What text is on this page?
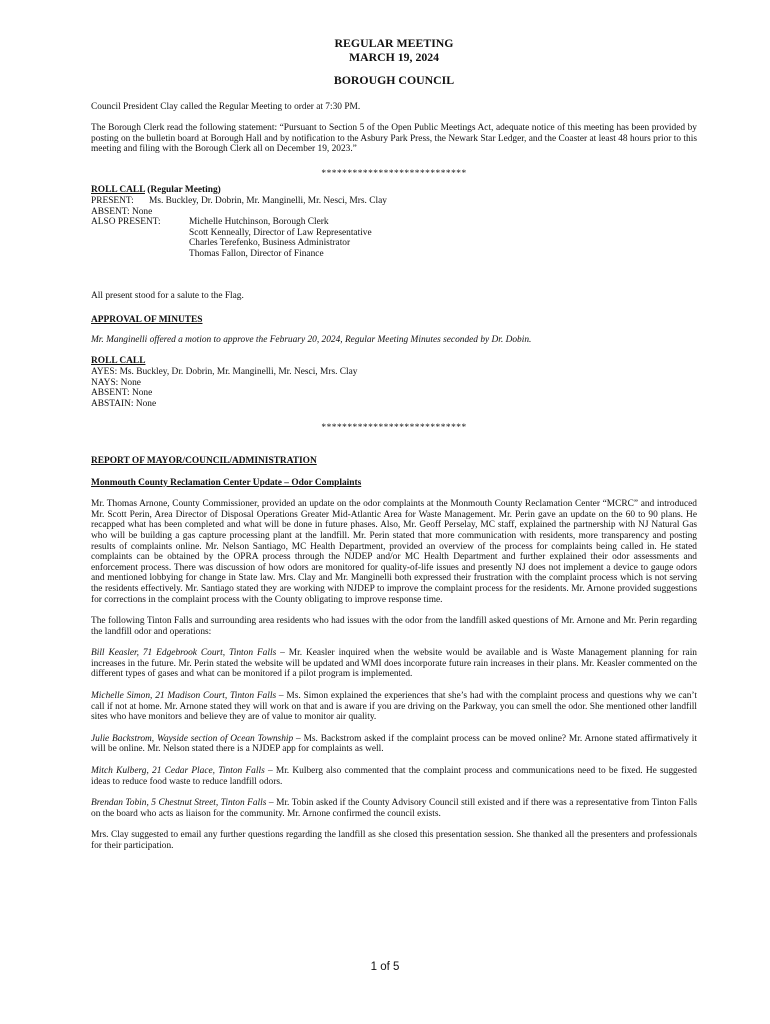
REGULAR MEETING
MARCH 19, 2024
BOROUGH COUNCIL

Council President Clay called the Regular Meeting to order at 7:30 PM.

The Borough Clerk read the following statement: “Pursuant to Section 5 of the Open Public Meetings Act, adequate notice of this meeting has been provided by posting on the bulletin board at Borough Hall and by notification to the Asbury Park Press, the Newark Star Ledger, and the Coaster at least 48 hours prior to this meeting and filing with the Borough Clerk all on December 19, 2023.”

****************************
ROLL CALL (Regular Meeting)
PRESENT:	Ms. Buckley, Dr. Dobrin, Mr. Manginelli, Mr. Nesci, Mrs. Clay
ABSENT: None
ALSO PRESENT:	Michelle Hutchinson, Borough Clerk
Scott Kenneally, Director of Law Representative
Charles Terefenko, Business Administrator
Thomas Fallon, Director of Finance

All present stood for a salute to the Flag.

APPROVAL OF MINUTES

Mr. Manginelli offered a motion to approve the February 20, 2024, Regular Meeting Minutes seconded by Dr. Dobin.

ROLL CALL
AYES: Ms. Buckley, Dr. Dobrin, Mr. Manginelli, Mr. Nesci, Mrs. Clay
NAYS: None
ABSENT: None
ABSTAIN: None
****************************
REPORT OF MAYOR/COUNCIL/ADMINISTRATION
Monmouth County Reclamation Center Update – Odor Complaints

Mr. Thomas Arnone, County Commissioner, provided an update on the odor complaints at the Monmouth County Reclamation Center “MCRC” and introduced Mr. Scott Perin, Area Director of Disposal Operations Greater Mid-Atlantic Area for Waste Management. Mr. Perin gave an update on the 60 to 90 plans. He recapped what has been completed and what will be done in future phases. Also, Mr. Geoff Perselay, MC staff, explained the partnership with NJ Natural Gas who will be building a gas capture processing plant at the landfill. Mr. Perin stated that more communication with residents, more transparency and posting results of complaints online. Mr. Nelson Santiago, MC Health Department, provided an overview of the process for complaints being called in. He stated complaints can be obtained by the OPRA process through the NJDEP and/or MC Health Department and further explained their odor assessments and enforcement process. There was discussion of how odors are monitored for quality-of-life issues and presently NJ does not implement a device to gauge odors and mentioned lobbying for change in State law. Mrs. Clay and Mr. Manginelli both expressed their frustration with the complaint process which is not serving the residents effectively. Mr. Santiago stated they are working with NJDEP to improve the complaint process for the residents. Mr. Arnone provided suggestions for corrections in the complaint process with the County obligating to improve response time.

The following Tinton Falls and surrounding area residents who had issues with the odor from the landfill asked questions of Mr. Arnone and Mr. Perin regarding the landfill odor and operations:

Bill Keasler, 71 Edgebrook Court, Tinton Falls – Mr. Keasler inquired when the website would be available and is Waste Management planning for rain increases in the future. Mr. Perin stated the website will be updated and WMI does incorporate future rain increases in their plans. Mr. Keasler commented on the different types of gases and what can be monitored if a pilot program is implemented.

Michelle Simon, 21 Madison Court, Tinton Falls – Ms. Simon explained the experiences that she’s had with the complaint process and questions why we can’t call if not at home. Mr. Arnone stated they will work on that and is aware if you are driving on the Parkway, you can smell the odor. She mentioned other landfill sites who have monitors and believe they are of value to monitor air quality.

Julie Backstrom, Wayside section of Ocean Township – Ms. Backstrom asked if the complaint process can be moved online? Mr. Arnone stated affirmatively it will be online. Mr. Nelson stated there is a NJDEP app for complaints as well.

Mitch Kulberg, 21 Cedar Place, Tinton Falls – Mr. Kulberg also commented that the complaint process and communications need to be fixed. He suggested ideas to reduce food waste to reduce landfill odors.

Brendan Tobin, 5 Chestnut Street, Tinton Falls – Mr. Tobin asked if the County Advisory Council still existed and if there was a representative from Tinton Falls on the board who acts as liaison for the community. Mr. Arnone confirmed the council exists.

Mrs. Clay suggested to email any further questions regarding the landfill as she closed this presentation session. She thanked all the presenters and professionals for their participation.

1 of 5
